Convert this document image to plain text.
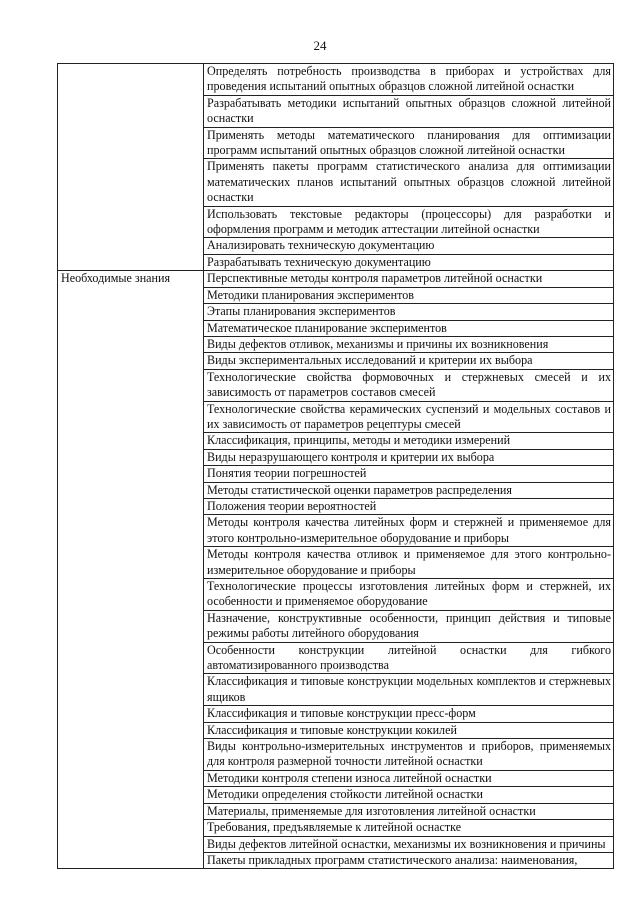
24
	Определять потребность производства в приборах и устройствах для проведения испытаний опытных образцов сложной литейной оснастки
	Разрабатывать методики испытаний опытных образцов сложной литейной оснастки
	Применять методы математического планирования для оптимизации программ испытаний опытных образцов сложной литейной оснастки
	Применять пакеты программ статистического анализа для оптимизации математических планов испытаний опытных образцов сложной литейной оснастки
	Использовать текстовые редакторы (процессоры) для разработки и оформления программ и методик аттестации литейной оснастки
	Анализировать техническую документацию
	Разрабатывать техническую документацию
Необходимые знания	Перспективные методы контроля параметров литейной оснастки
	Методики планирования экспериментов
	Этапы планирования экспериментов
	Математическое планирование экспериментов
	Виды дефектов отливок, механизмы и причины их возникновения
	Виды экспериментальных исследований и критерии их выбора
	Технологические свойства формовочных и стержневых смесей и их зависимость от параметров составов смесей
	Технологические свойства керамических суспензий и модельных составов и их зависимость от параметров рецептуры смесей
	Классификация, принципы, методы и методики измерений
	Виды неразрушающего контроля и критерии их выбора
	Понятия теории погрешностей
	Методы статистической оценки параметров распределения
	Положения теории вероятностей
	Методы контроля качества литейных форм и стержней и применяемое для этого контрольно-измерительное оборудование и приборы
	Методы контроля качества отливок и применяемое для этого контрольно-измерительное оборудование и приборы
	Технологические процессы изготовления литейных форм и стержней, их особенности и применяемое оборудование
	Назначение, конструктивные особенности, принцип действия и типовые режимы работы литейного оборудования
	Особенности конструкции литейной оснастки для гибкого автоматизированного производства
	Классификация и типовые конструкции модельных комплектов и стержневых ящиков
	Классификация и типовые конструкции пресс-форм
	Классификация и типовые конструкции кокилей
	Виды контрольно-измерительных инструментов и приборов, применяемых для контроля размерной точности литейной оснастки
	Методики контроля степени износа литейной оснастки
	Методики определения стойкости литейной оснастки
	Материалы, применяемые для изготовления литейной оснастки
	Требования, предъявляемые к литейной оснастке
	Виды дефектов литейной оснастки, механизмы их возникновения и причины
	Пакеты прикладных программ статистического анализа: наименования,
